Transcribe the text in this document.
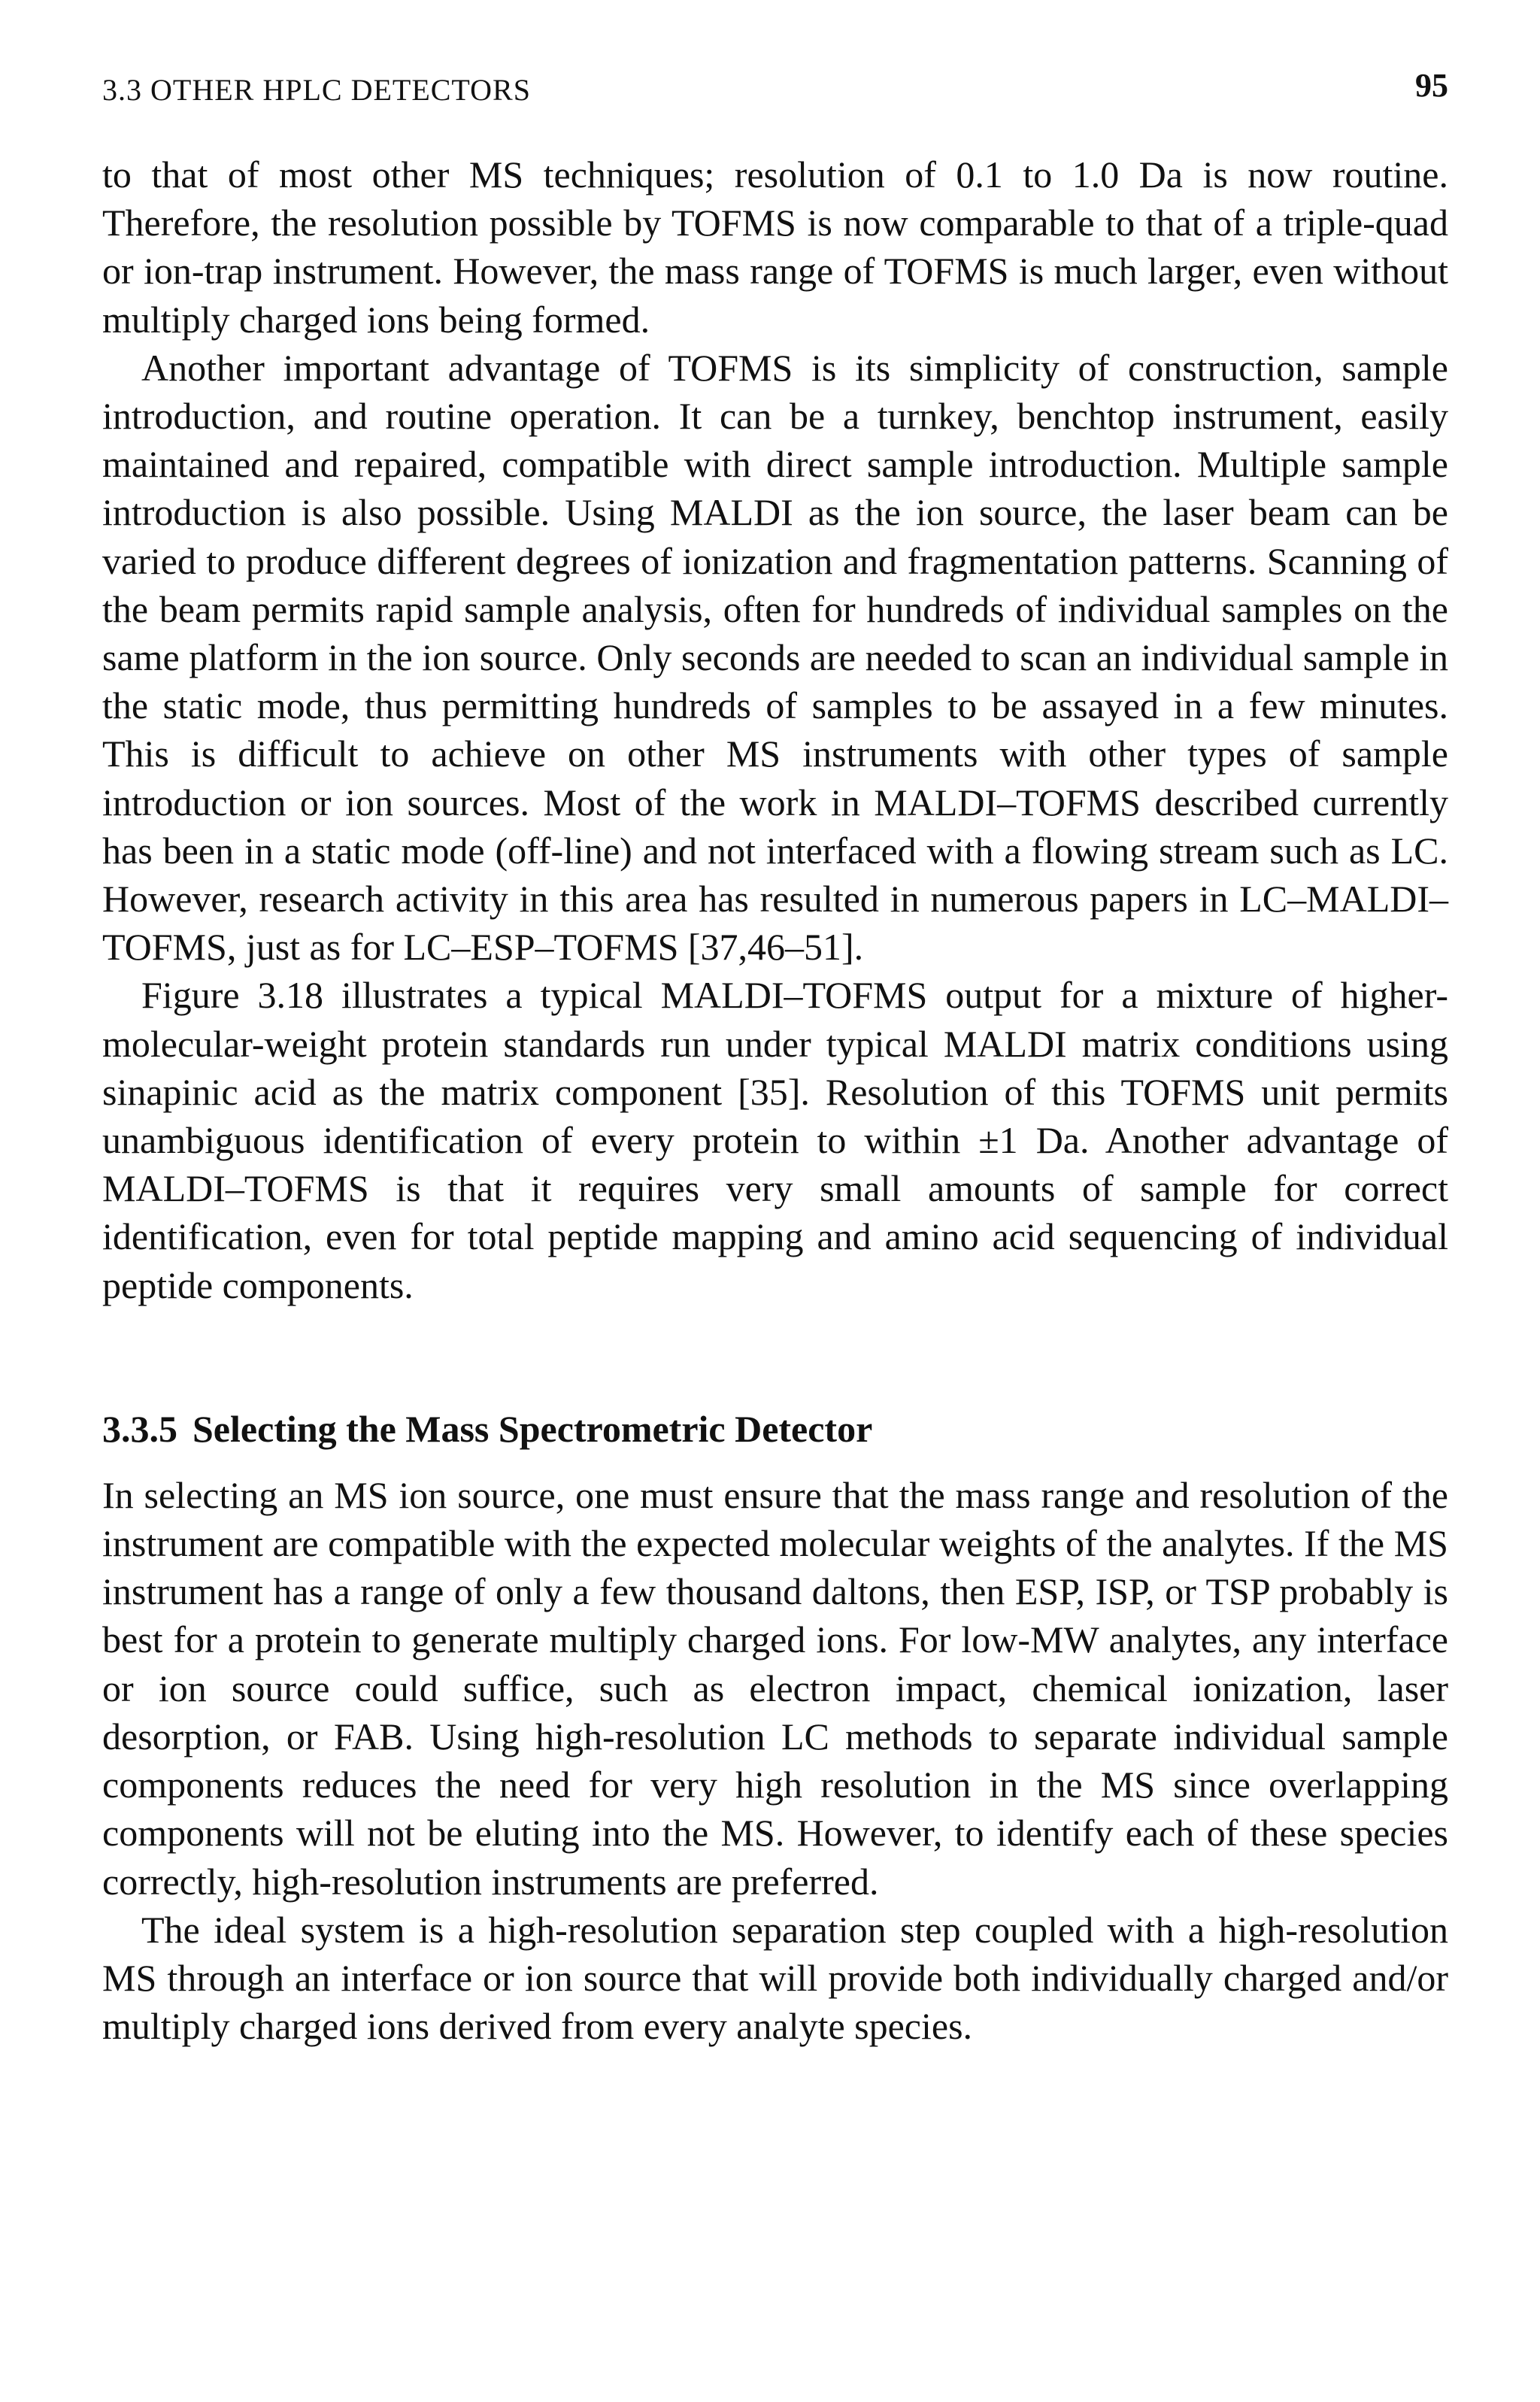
3.3 OTHER HPLC DETECTORS	95

to that of most other MS techniques; resolution of 0.1 to 1.0 Da is now routine. Therefore, the resolution possible by TOFMS is now comparable to that of a triple-quad or ion-trap instrument. However, the mass range of TOFMS is much larger, even without multiply charged ions being formed.

Another important advantage of TOFMS is its simplicity of construction, sample introduction, and routine operation. It can be a turnkey, benchtop instrument, easily maintained and repaired, compatible with direct sample introduction. Multiple sample introduction is also possible. Using MALDI as the ion source, the laser beam can be varied to produce different degrees of ionization and fragmentation patterns. Scanning of the beam permits rapid sample analysis, often for hundreds of individual samples on the same platform in the ion source. Only seconds are needed to scan an individual sample in the static mode, thus permitting hundreds of samples to be assayed in a few minutes. This is difficult to achieve on other MS instruments with other types of sample introduction or ion sources. Most of the work in MALDI–TOFMS described currently has been in a static mode (off-line) and not interfaced with a flowing stream such as LC. However, research activity in this area has resulted in numerous papers in LC–MALDI–TOFMS, just as for LC–ESP–TOFMS [37,46–51].

Figure 3.18 illustrates a typical MALDI–TOFMS output for a mixture of higher-molecular-weight protein standards run under typical MALDI matrix conditions using sinapinic acid as the matrix component [35]. Resolution of this TOFMS unit permits unambiguous identification of every protein to within ±1 Da. Another advantage of MALDI–TOFMS is that it requires very small amounts of sample for correct identification, even for total peptide mapping and amino acid sequencing of individual peptide components.

3.3.5 Selecting the Mass Spectrometric Detector

In selecting an MS ion source, one must ensure that the mass range and resolution of the instrument are compatible with the expected molecular weights of the analytes. If the MS instrument has a range of only a few thousand daltons, then ESP, ISP, or TSP probably is best for a protein to generate multiply charged ions. For low-MW analytes, any interface or ion source could suffice, such as electron impact, chemical ionization, laser desorption, or FAB. Using high-resolution LC methods to separate individual sample components reduces the need for very high resolution in the MS since overlapping components will not be eluting into the MS. However, to identify each of these species correctly, high-resolution instruments are preferred.

The ideal system is a high-resolution separation step coupled with a high-resolution MS through an interface or ion source that will provide both individually charged and/or multiply charged ions derived from every analyte species.
